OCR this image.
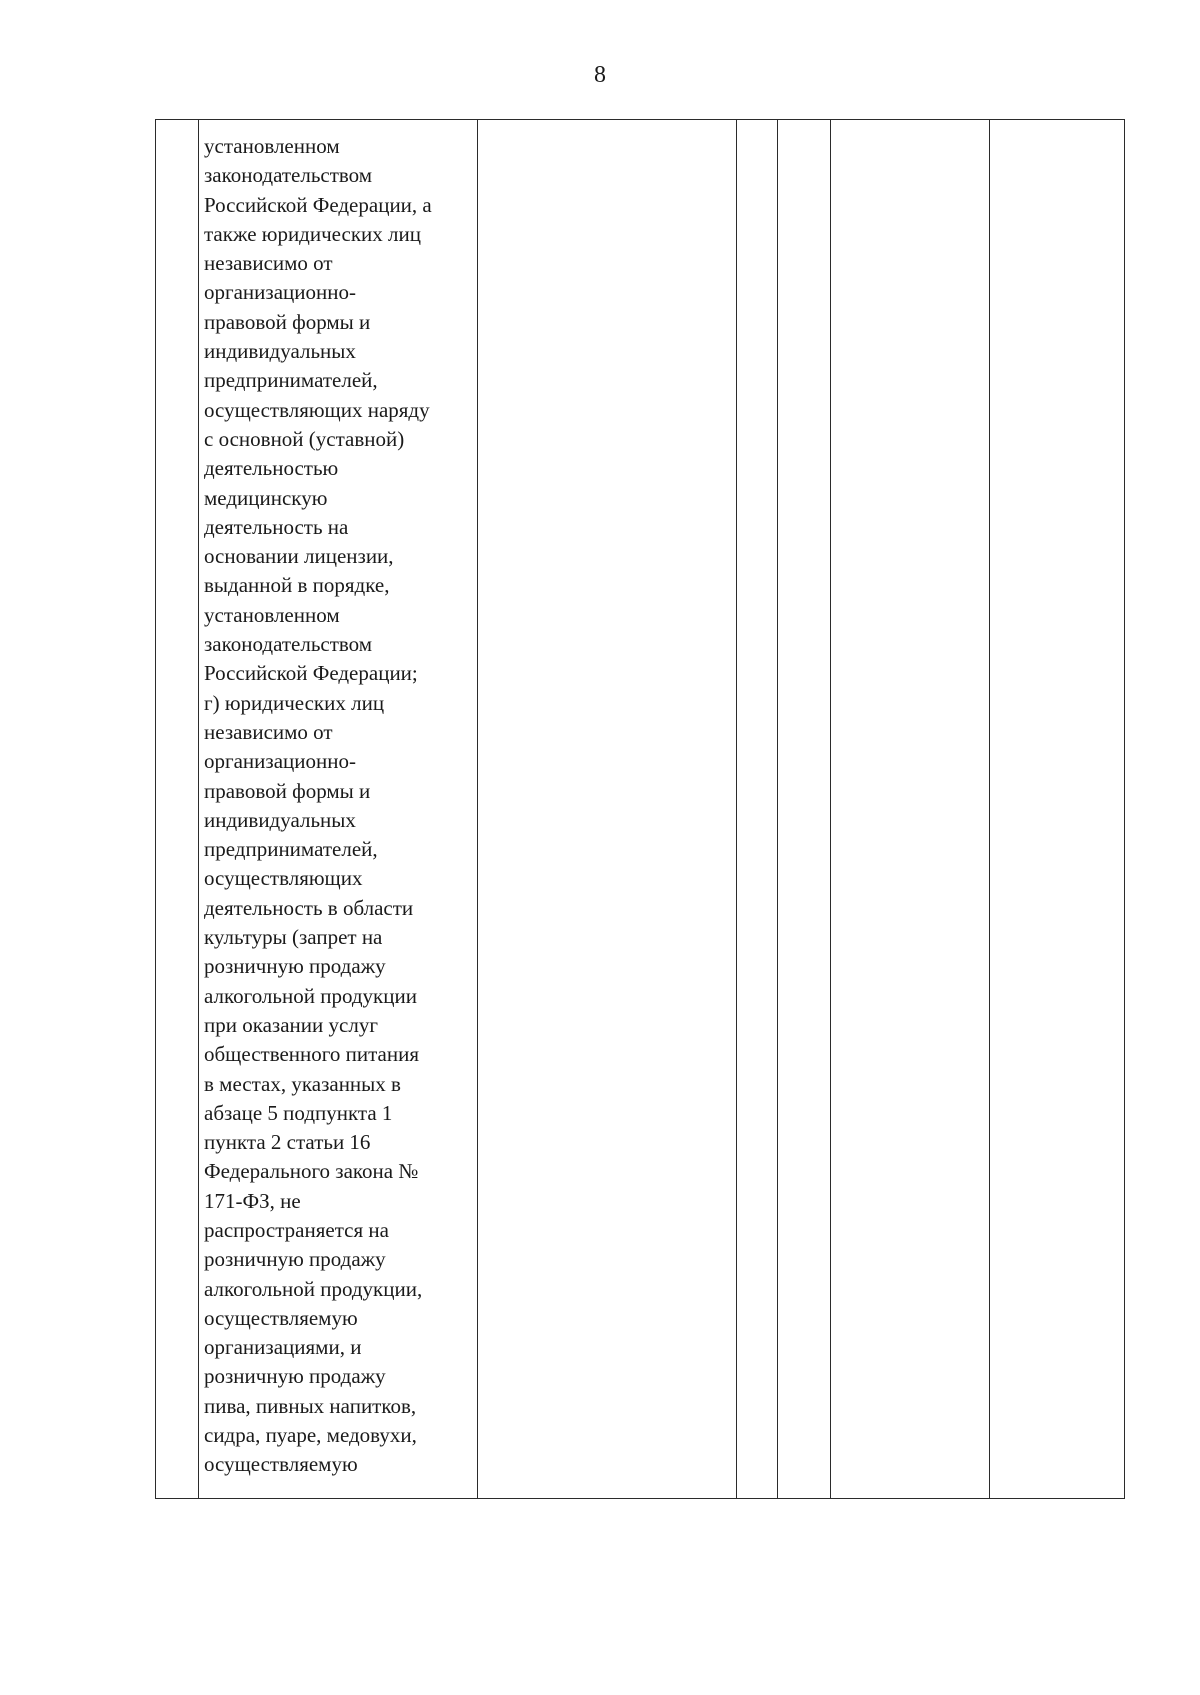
8

установленном
законодательством
Российской Федерации, а
также юридических лиц
независимо от
организационно-
правовой формы и
индивидуальных
предпринимателей,
осуществляющих наряду
с основной (уставной)
деятельностью
медицинскую
деятельность на
основании лицензии,
выданной в порядке,
установленном
законодательством
Российской Федерации;
г) юридических лиц
независимо от
организационно-
правовой формы и
индивидуальных
предпринимателей,
осуществляющих
деятельность в области
культуры (запрет на
розничную продажу
алкогольной продукции
при оказании услуг
общественного питания
в местах, указанных в
абзаце 5 подпункта 1
пункта 2 статьи 16
Федерального закона №
171-ФЗ, не
распространяется на
розничную продажу
алкогольной продукции,
осуществляемую
организациями, и
розничную продажу
пива, пивных напитков,
сидра, пуаре, медовухи,
осуществляемую
